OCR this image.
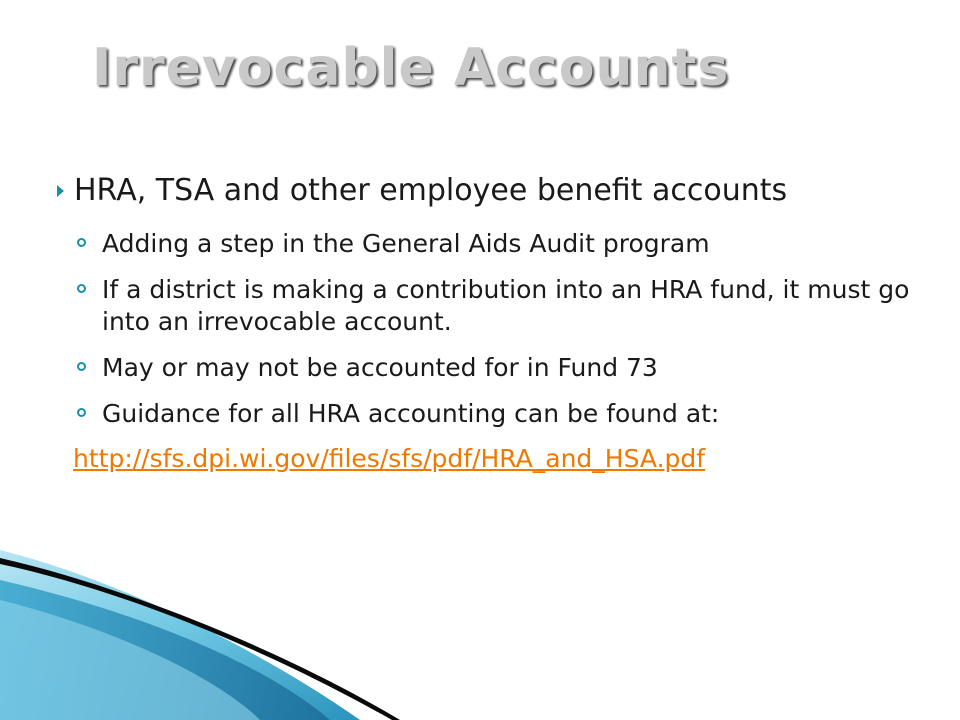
Irrevocable Accounts
HRA, TSA and other employee benefit accounts
Adding a step in the General Aids Audit program
If a district is making a contribution into an HRA fund, it must go into an irrevocable account.
May or may not be accounted for in Fund 73
Guidance for all HRA accounting can be found at:
http://sfs.dpi.wi.gov/files/sfs/pdf/HRA_and_HSA.pdf
